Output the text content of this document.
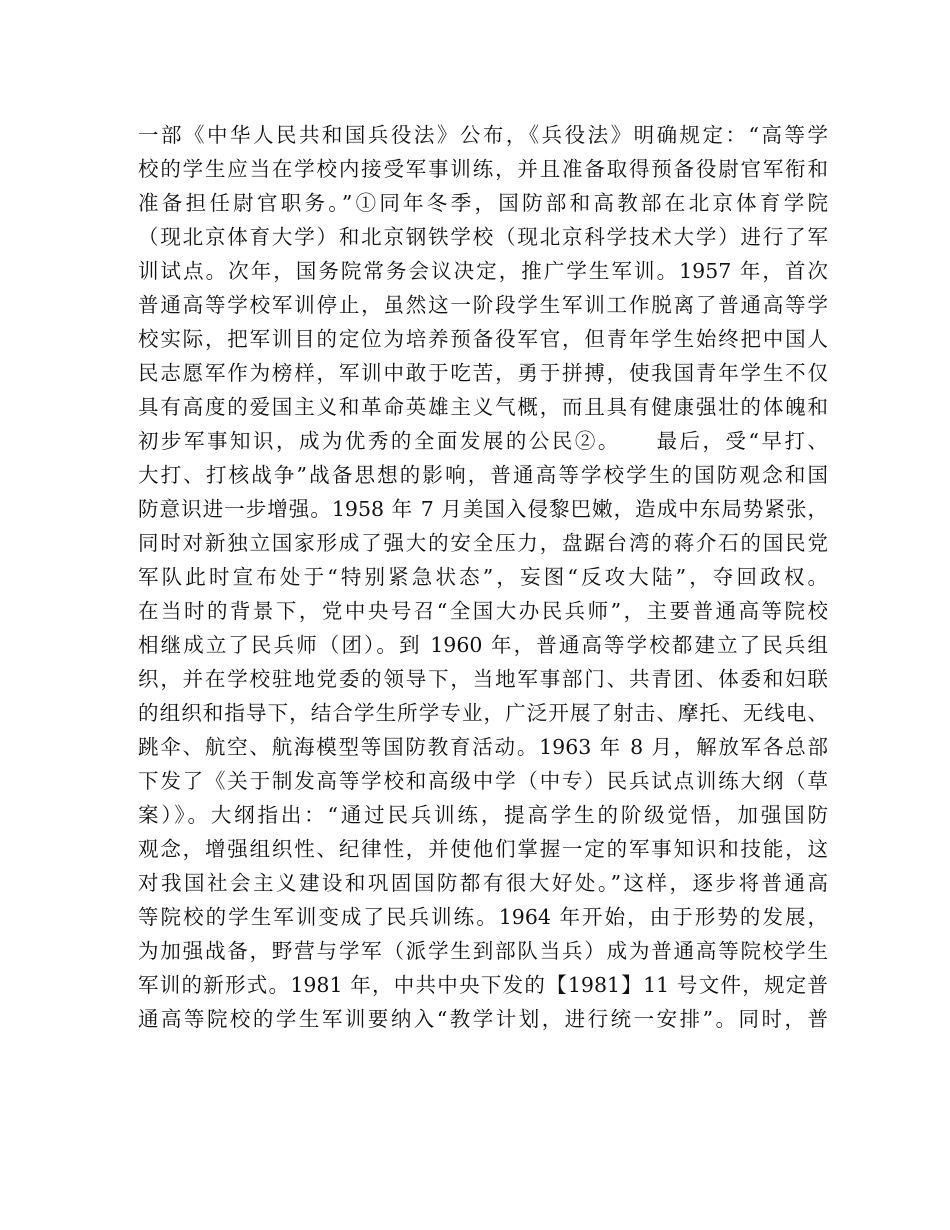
一部《中华人民共和国兵役法》公布，《兵役法》明确规定：“高等学
校的学生应当在学校内接受军事训练，并且准备取得预备役尉官军衔和
准备担任尉官职务。”①同年冬季，国防部和高教部在北京体育学院
（现北京体育大学）和北京钢铁学校（现北京科学技术大学）进行了军
训试点。次年，国务院常务会议决定，推广学生军训。1957 年，首次
普通高等学校军训停止，虽然这一阶段学生军训工作脱离了普通高等学
校实际，把军训目的定位为培养预备役军官，但青年学生始终把中国人
民志愿军作为榜样，军训中敢于吃苦，勇于拼搏，使我国青年学生不仅
具有高度的爱国主义和革命英雄主义气概，而且具有健康强壮的体魄和
初步军事知识，成为优秀的全面发展的公民②。　　最后，受“早打、
大打、打核战争”战备思想的影响，普通高等学校学生的国防观念和国
防意识进一步增强。1958 年 7 月美国入侵黎巴嫩，造成中东局势紧张，
同时对新独立国家形成了强大的安全压力，盘踞台湾的蒋介石的国民党
军队此时宣布处于“特别紧急状态”，妄图“反攻大陆”，夺回政权。
在当时的背景下，党中央号召“全国大办民兵师”，主要普通高等院校
相继成立了民兵师（团）。到 1960 年，普通高等学校都建立了民兵组
织，并在学校驻地党委的领导下，当地军事部门、共青团、体委和妇联
的组织和指导下，结合学生所学专业，广泛开展了射击、摩托、无线电、
跳伞、航空、航海模型等国防教育活动。1963 年 8 月，解放军各总部
下发了《关于制发高等学校和高级中学（中专）民兵试点训练大纲（草
案）》。大纲指出：“通过民兵训练，提高学生的阶级觉悟，加强国防
观念，增强组织性、纪律性，并使他们掌握一定的军事知识和技能，这
对我国社会主义建设和巩固国防都有很大好处。”这样，逐步将普通高
等院校的学生军训变成了民兵训练。1964 年开始，由于形势的发展，
为加强战备，野营与学军（派学生到部队当兵）成为普通高等院校学生
军训的新形式。1981 年，中共中央下发的【1981】11 号文件，规定普
通高等院校的学生军训要纳入“教学计划，进行统一安排”。同时，普
